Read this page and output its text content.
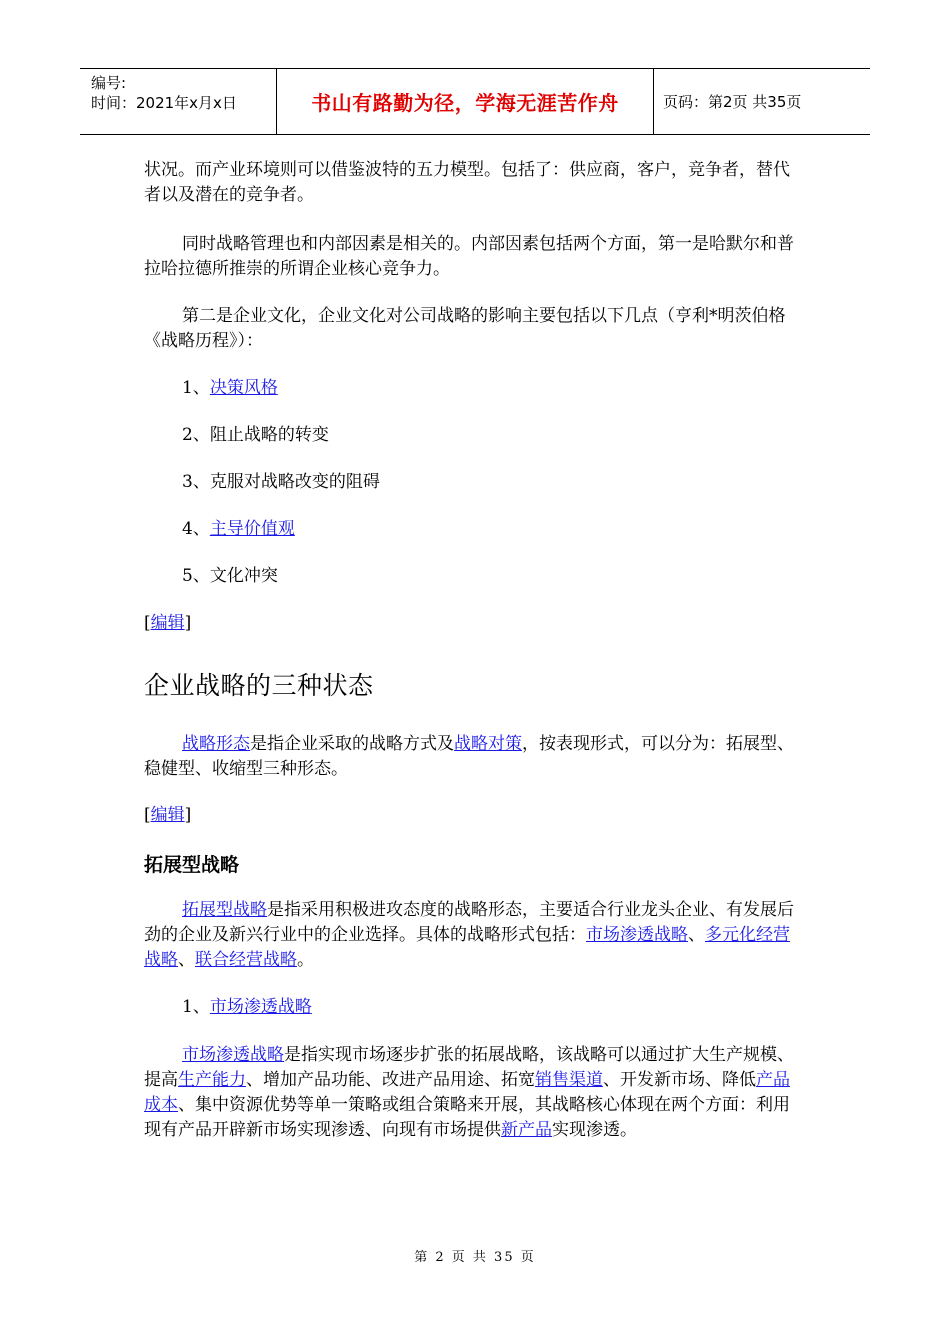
编号:
时间：2021年x月x日	书山有路勤为径，学海无涯苦作舟	页码：第2页 共35页

状况。而产业环境则可以借鉴波特的五力模型。包括了：供应商，客户，竞争者，替代者以及潜在的竞争者。

同时战略管理也和内部因素是相关的。内部因素包括两个方面，第一是哈默尔和普拉哈拉德所推崇的所谓企业核心竞争力。

第二是企业文化，企业文化对公司战略的影响主要包括以下几点（亨利*明茨伯格《战略历程》）：

1、决策风格

2、阻止战略的转变

3、克服对战略改变的阻碍

4、主导价值观

5、文化冲突

[编辑]
企业战略的三种状态

战略形态是指企业采取的战略方式及战略对策，按表现形式，可以分为：拓展型、稳健型、收缩型三种形态。

[编辑]
拓展型战略

拓展型战略是指采用积极进攻态度的战略形态，主要适合行业龙头企业、有发展后劲的企业及新兴行业中的企业选择。具体的战略形式包括：市场渗透战略、多元化经营战略、联合经营战略。

1、市场渗透战略

市场渗透战略是指实现市场逐步扩张的拓展战略，该战略可以通过扩大生产规模、提高生产能力、增加产品功能、改进产品用途、拓宽销售渠道、开发新市场、降低产品成本、集中资源优势等单一策略或组合策略来开展，其战略核心体现在两个方面：利用现有产品开辟新市场实现渗透、向现有市场提供新产品实现渗透。

第 2 页 共 35 页
